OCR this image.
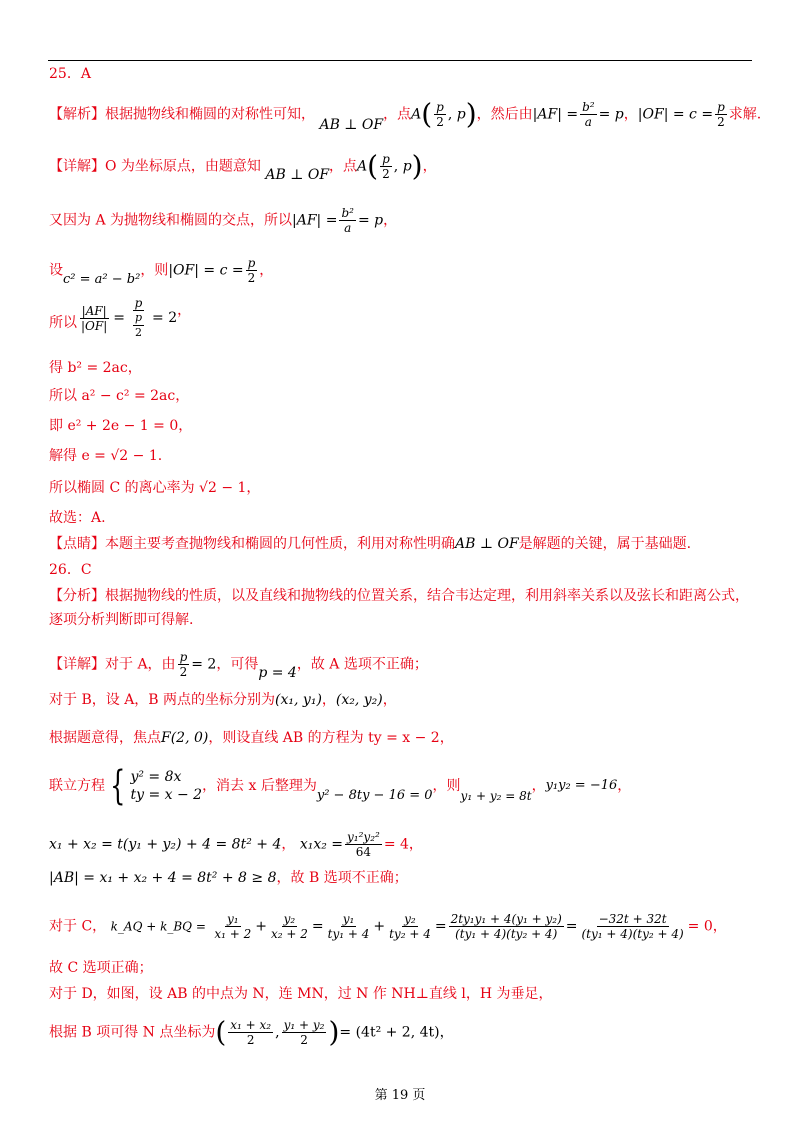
25．A
【解析】根据抛物线和椭圆的对称性可知， AB ⊥ OF，点$A( \frac{p}{2}$ , p)，然后由$|AF| = \frac{\text{b²}}{a} = p$，$|OF| = c = \frac{p}{2}$ 求解.
【详解】O 为坐标原点，由题意知 AB ⊥ OF，点$A( \frac{p}{2}$ , p)，
又因为 A 为抛物线和椭圆的交点，所以$|AF| = \frac{\text{b²}}{a} = p$，
设c² = a² − b²，则$|OF| = c = \frac{p}{2}$ ，
所以 $\frac{|AF|}{|OF|} = \frac{p}{\frac{p}{2}} = 2$ ，
得 b² = 2ac，
所以 a² − c² = 2ac，
即 e² + 2e − 1 = 0，
解得 e = √2 − 1.
所以椭圆 C 的离心率为 √2 − 1，
故选：A.
【点睛】本题主要考查抛物线和椭圆的几何性质，利用对称性明确AB ⊥ OF是解题的关键，属于基础题.
26．C
【分析】根据抛物线的性质，以及直线和抛物线的位置关系，结合韦达定理，利用斜率关系以及弦长和距离公式，
逐项分析判断即可得解.
【详解】对于 A，由 $\frac{p}{2} = 2$，可得p = 4，故 A 选项不正确；
对于 B，设 A，B 两点的坐标分别为(x₁, y₁)，(x₂, y₂)，
根据题意得，焦点F(2, 0)，则设直线 AB 的方程为 ty = x − 2，
联立方程 { y² = 8x
ty = x − 2
，消去 x 后整理为
y² − 8ty − 16 = 0
，则
y₁ + y₂ = 8t
， y₁y₂ = −16 ，
x₁ + x₂ = t(y₁ + y₂) + 4 = 8t² + 4， $x_1x_2 = \frac{\text{y₁²y₂²}}{64} = 4$，
|AB| = x₁ + x₂ + 4 = 8t² + 8 ≥ 8，故 B 选项不正确；
对于 C， k_AQ + k_BQ = $\frac{\text{y₁}}{\text{x₁ + 2}} + \frac{\text{y₂}}{\text{x₂ + 2}} = \frac{\text{y₁}}{\text{ty₁ + 4}} + \frac{\text{y₂}}{\text{ty₂ + 4}} = \frac{\text{2ty₁y₁ + 4(y₁ + y₂)}}{\text{(ty₁ + 4)(ty₂ + 4)}} = \frac{-32t + 32t}{\text{(ty₁ + 4)(ty₂ + 4)}} = 0$，
故 C 选项正确；
对于 D，如图，设 AB 的中点为 N，连 MN，过 N 作 NH⊥直线 l，H 为垂足，
根据 B 项可得 N 点坐标为( $\frac{\text{x₁ + x₂}}{2}$ , $\frac{\text{y₁ + y₂}}{2}$ )= (4t² + 2, 4t)，
第 19 页
